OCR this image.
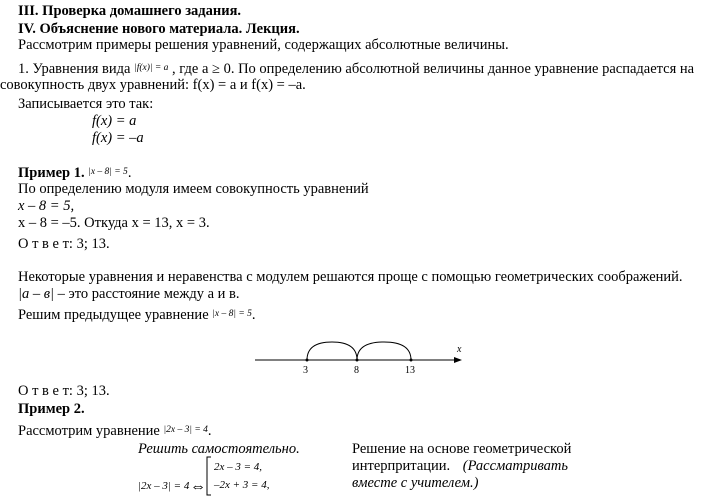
III. Проверка домашнего задания.
IV. Объяснение нового материала. Лекция.
Рассмотрим примеры решения уравнений, содержащих абсолютные величины.
1. Уравнения вида $^{|f(x)| = a}$ , где a ≥ 0. По определению абсолютной величины данное уравнение распадается на
совокупность двух уравнений: f(x) = a и f(x) = –a.
Записывается это так:
f(x) = a
f(x) = –a
Пример 1. $^{|x - 8| = 5}$.
По определению модуля имеем совокупность уравнений
x – 8 = 5,
x – 8 = –5. Откуда x = 13, x = 3.
О т в е т: 3; 13.
Некоторые уравнения и неравенства с модулем решаются проще с помощью геометрических соображений.
|a – в| – это расстояние между a и в.
Решим предыдущее уравнение $^{|x - 8| = 5}$.
3	8	13
x
О т в е т: 3; 13.
Пример 2.
Рассмотрим уравнение $^{|2x - 3| = 4}$.
Решить самостоятельно.
|2x – 3| = 4 ⇔
2x – 3 = 4,
–2x + 3 = 4,
Решение на основе геометрической
интерпритации. (Рассматривать
вместе с учителем.)
